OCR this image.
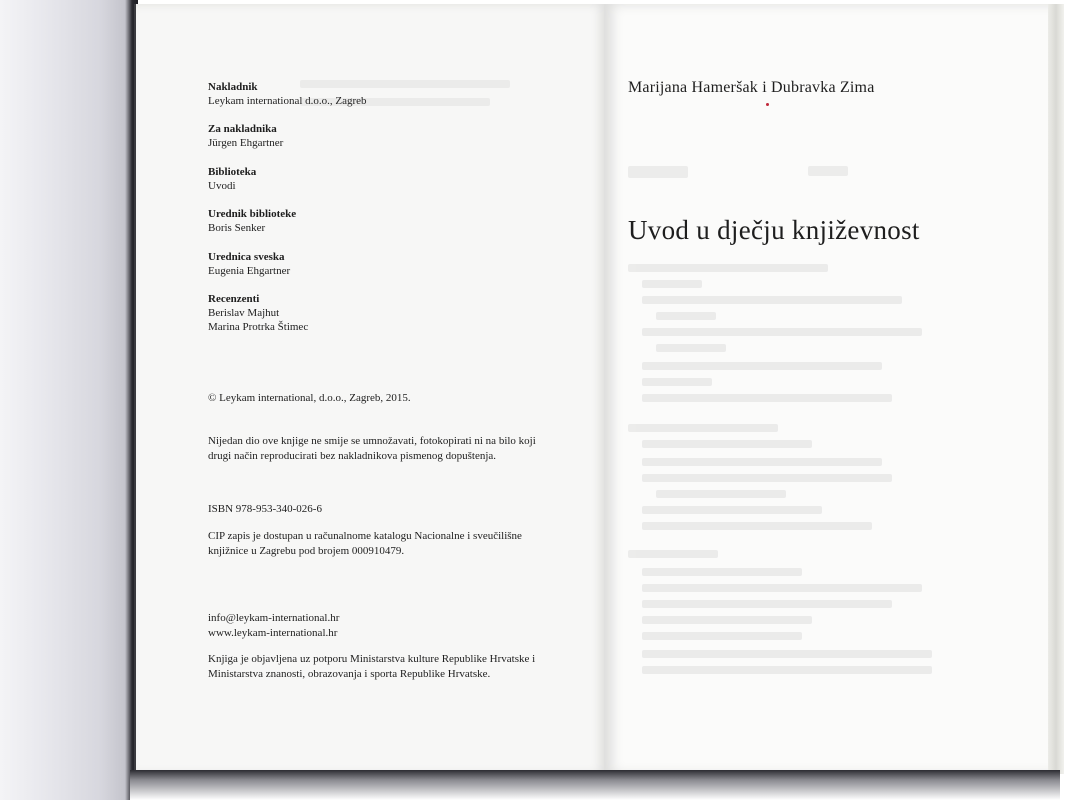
Nakladnik
Leykam international d.o.o., Zagreb
Za nakladnika
Jürgen Ehgartner
Biblioteka
Uvodi
Urednik biblioteke
Boris Senker
Urednica sveska
Eugenia Ehgartner
Recenzenti
Berislav Majhut
Marina Protrka Štimec
© Leykam international, d.o.o., Zagreb, 2015.
Nijedan dio ove knjige ne smije se umnožavati, fotokopirati ni na bilo koji
drugi način reproducirati bez nakladnikova pismenog dopuštenja.
ISBN 978-953-340-026-6
CIP zapis je dostupan u računalnome katalogu Nacionalne i sveučilišne
knjižnice u Zagrebu pod brojem 000910479.
info@leykam-international.hr
www.leykam-international.hr
Knjiga je objavljena uz potporu Ministarstva kulture Republike Hrvatske i
Ministarstva znanosti, obrazovanja i sporta Republike Hrvatske.
Marijana Hameršak i Dubravka Zima
Uvod u dječju književnost
